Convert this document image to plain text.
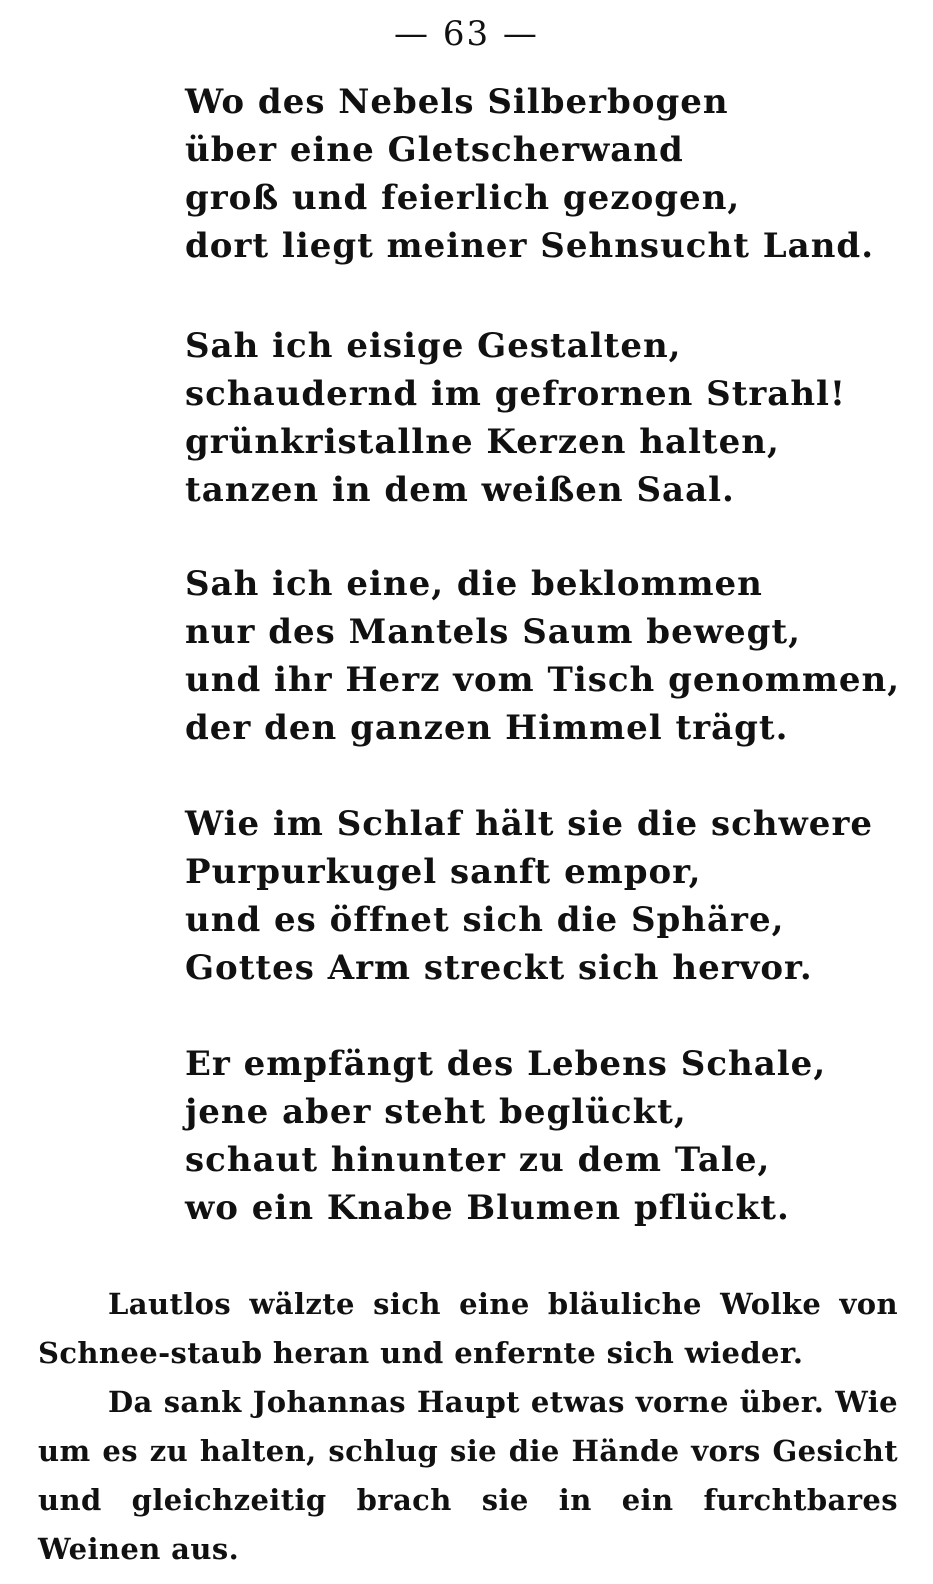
— 63 —
Wo des Nebels Silberbogen
über eine Gletscherwand
groß und feierlich gezogen,
dort liegt meiner Sehnsucht Land.
Sah ich eisige Gestalten,
schaudernd im gefrornen Strahl!
grünkristallne Kerzen halten,
tanzen in dem weißen Saal.
Sah ich eine, die beklommen
nur des Mantels Saum bewegt,
und ihr Herz vom Tisch genommen,
der den ganzen Himmel trägt.
Wie im Schlaf hält sie die schwere
Purpurkugel sanft empor,
und es öffnet sich die Sphäre,
Gottes Arm streckt sich hervor.
Er empfängt des Lebens Schale,
jene aber steht beglückt,
schaut hinunter zu dem Tale,
wo ein Knabe Blumen pflückt.

Lautlos wälzte sich eine bläuliche Wolke von Schnee-staub heran und enfernte sich wieder.

Da sank Johannas Haupt etwas vorne über. Wie um es zu halten, schlug sie die Hände vors Gesicht und gleichzeitig brach sie in ein furchtbares Weinen aus.
